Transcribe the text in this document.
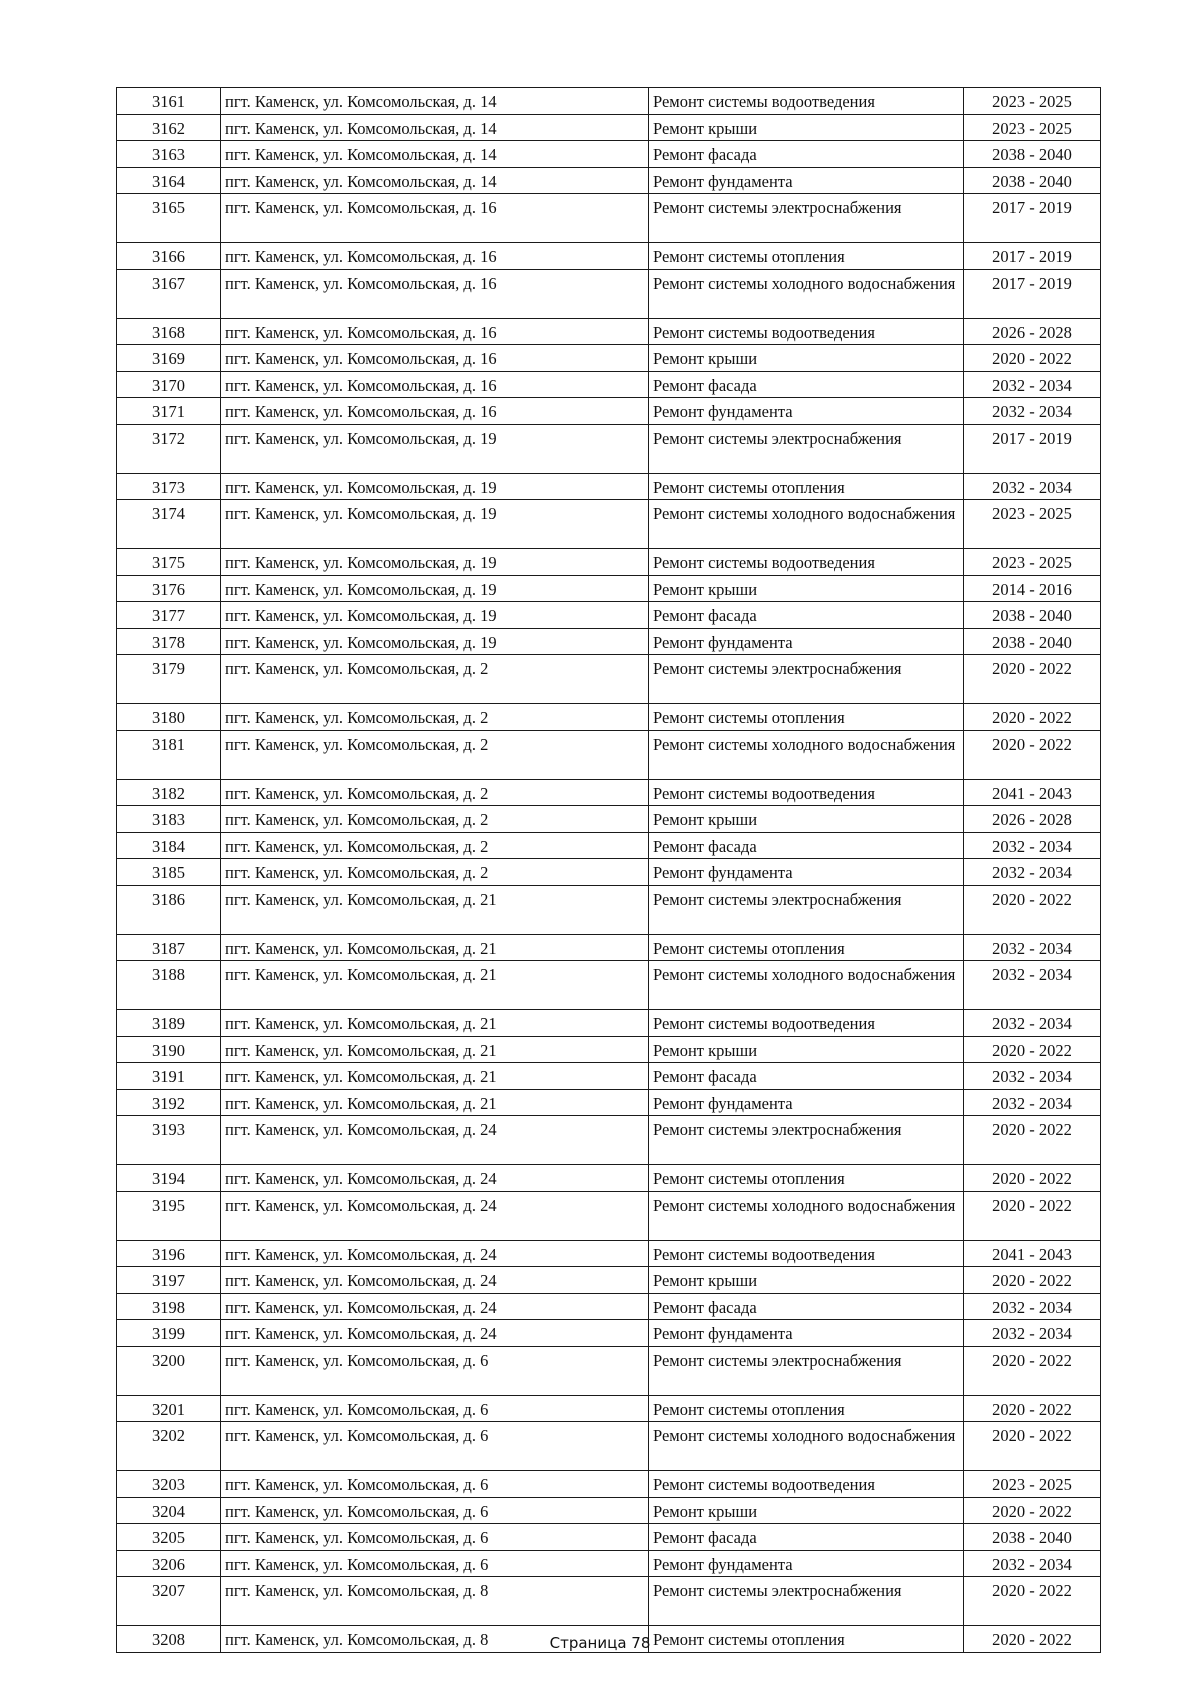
3161	пгт. Каменск, ул. Комсомольская, д. 14	Ремонт системы водоотведения	2023 - 2025
3162	пгт. Каменск, ул. Комсомольская, д. 14	Ремонт крыши	2023 - 2025
3163	пгт. Каменск, ул. Комсомольская, д. 14	Ремонт фасада	2038 - 2040
3164	пгт. Каменск, ул. Комсомольская, д. 14	Ремонт фундамента	2038 - 2040
3165	пгт. Каменск, ул. Комсомольская, д. 16	Ремонт системы электроснабжения	2017 - 2019
3166	пгт. Каменск, ул. Комсомольская, д. 16	Ремонт системы отопления	2017 - 2019
3167	пгт. Каменск, ул. Комсомольская, д. 16	Ремонт системы холодного водоснабжения	2017 - 2019
3168	пгт. Каменск, ул. Комсомольская, д. 16	Ремонт системы водоотведения	2026 - 2028
3169	пгт. Каменск, ул. Комсомольская, д. 16	Ремонт крыши	2020 - 2022
3170	пгт. Каменск, ул. Комсомольская, д. 16	Ремонт фасада	2032 - 2034
3171	пгт. Каменск, ул. Комсомольская, д. 16	Ремонт фундамента	2032 - 2034
3172	пгт. Каменск, ул. Комсомольская, д. 19	Ремонт системы электроснабжения	2017 - 2019
3173	пгт. Каменск, ул. Комсомольская, д. 19	Ремонт системы отопления	2032 - 2034
3174	пгт. Каменск, ул. Комсомольская, д. 19	Ремонт системы холодного водоснабжения	2023 - 2025
3175	пгт. Каменск, ул. Комсомольская, д. 19	Ремонт системы водоотведения	2023 - 2025
3176	пгт. Каменск, ул. Комсомольская, д. 19	Ремонт крыши	2014 - 2016
3177	пгт. Каменск, ул. Комсомольская, д. 19	Ремонт фасада	2038 - 2040
3178	пгт. Каменск, ул. Комсомольская, д. 19	Ремонт фундамента	2038 - 2040
3179	пгт. Каменск, ул. Комсомольская, д. 2	Ремонт системы электроснабжения	2020 - 2022
3180	пгт. Каменск, ул. Комсомольская, д. 2	Ремонт системы отопления	2020 - 2022
3181	пгт. Каменск, ул. Комсомольская, д. 2	Ремонт системы холодного водоснабжения	2020 - 2022
3182	пгт. Каменск, ул. Комсомольская, д. 2	Ремонт системы водоотведения	2041 - 2043
3183	пгт. Каменск, ул. Комсомольская, д. 2	Ремонт крыши	2026 - 2028
3184	пгт. Каменск, ул. Комсомольская, д. 2	Ремонт фасада	2032 - 2034
3185	пгт. Каменск, ул. Комсомольская, д. 2	Ремонт фундамента	2032 - 2034
3186	пгт. Каменск, ул. Комсомольская, д. 21	Ремонт системы электроснабжения	2020 - 2022
3187	пгт. Каменск, ул. Комсомольская, д. 21	Ремонт системы отопления	2032 - 2034
3188	пгт. Каменск, ул. Комсомольская, д. 21	Ремонт системы холодного водоснабжения	2032 - 2034
3189	пгт. Каменск, ул. Комсомольская, д. 21	Ремонт системы водоотведения	2032 - 2034
3190	пгт. Каменск, ул. Комсомольская, д. 21	Ремонт крыши	2020 - 2022
3191	пгт. Каменск, ул. Комсомольская, д. 21	Ремонт фасада	2032 - 2034
3192	пгт. Каменск, ул. Комсомольская, д. 21	Ремонт фундамента	2032 - 2034
3193	пгт. Каменск, ул. Комсомольская, д. 24	Ремонт системы электроснабжения	2020 - 2022
3194	пгт. Каменск, ул. Комсомольская, д. 24	Ремонт системы отопления	2020 - 2022
3195	пгт. Каменск, ул. Комсомольская, д. 24	Ремонт системы холодного водоснабжения	2020 - 2022
3196	пгт. Каменск, ул. Комсомольская, д. 24	Ремонт системы водоотведения	2041 - 2043
3197	пгт. Каменск, ул. Комсомольская, д. 24	Ремонт крыши	2020 - 2022
3198	пгт. Каменск, ул. Комсомольская, д. 24	Ремонт фасада	2032 - 2034
3199	пгт. Каменск, ул. Комсомольская, д. 24	Ремонт фундамента	2032 - 2034
3200	пгт. Каменск, ул. Комсомольская, д. 6	Ремонт системы электроснабжения	2020 - 2022
3201	пгт. Каменск, ул. Комсомольская, д. 6	Ремонт системы отопления	2020 - 2022
3202	пгт. Каменск, ул. Комсомольская, д. 6	Ремонт системы холодного водоснабжения	2020 - 2022
3203	пгт. Каменск, ул. Комсомольская, д. 6	Ремонт системы водоотведения	2023 - 2025
3204	пгт. Каменск, ул. Комсомольская, д. 6	Ремонт крыши	2020 - 2022
3205	пгт. Каменск, ул. Комсомольская, д. 6	Ремонт фасада	2038 - 2040
3206	пгт. Каменск, ул. Комсомольская, д. 6	Ремонт фундамента	2032 - 2034
3207	пгт. Каменск, ул. Комсомольская, д. 8	Ремонт системы электроснабжения	2020 - 2022
3208	пгт. Каменск, ул. Комсомольская, д. 8	Ремонт системы отопления	2020 - 2022
Страница 78
